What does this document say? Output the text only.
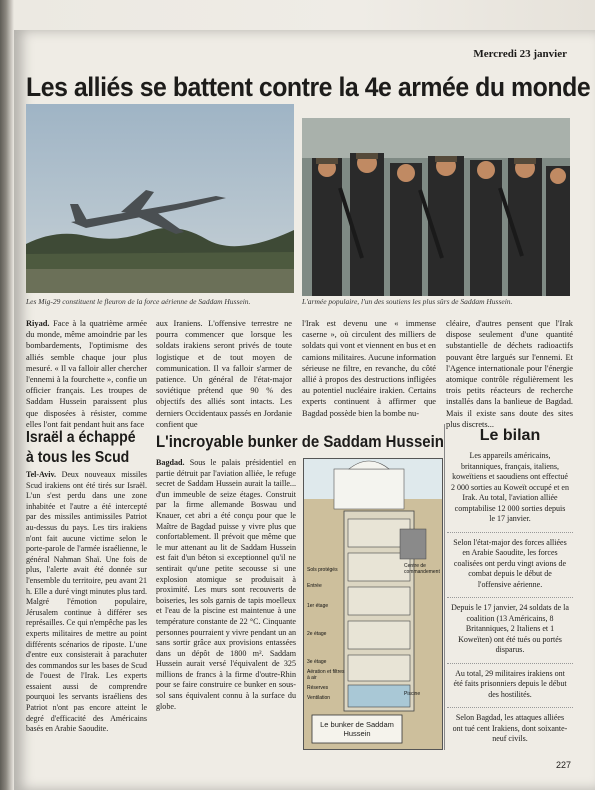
Mercredi 23 janvier
Les alliés se battent contre la 4e armée du monde
Les Mig-29 constituent le fleuron de la force aérienne de Saddam Hussein.	L'armée populaire, l'un des soutiens les plus sûrs de Saddam Hussein.

Riyad. Face à la quatrième armée du monde, même amoindrie par les bombardements, l'optimisme des alliés semble chaque jour plus mesuré. « Il va falloir aller chercher l'ennemi à la fourchette », confie un officier français. Les troupes de Saddam Hussein paraissent plus que disposées à résister, comme elles l'ont fait pendant huit ans face

aux Iraniens. L'offensive terrestre ne pourra commencer que lorsque les soldats irakiens seront privés de toute logistique et de tout moyen de communication. Il va falloir s'armer de patience. Un général de l'état-major soviétique prétend que 90 % des objectifs des alliés sont intacts. Les derniers Occidentaux passés en Jordanie confient que
l'Irak est devenu une « immense caserne », où circulent des milliers de soldats qui vont et viennent en bus et en camions militaires. Aucune information sérieuse ne filtre, en revanche, du côté allié à propos des destructions infligées au potentiel nucléaire irakien. Certains experts continuent à affirmer que Bagdad possède bien la bombe nu-
cléaire, d'autres pensent que l'Irak dispose seulement d'une quantité substantielle de déchets radioactifs pouvant être largués sur l'ennemi. Et l'Agence internationale pour l'énergie atomique contrôle régulièrement les trois petits réacteurs de recherche installés dans la banlieue de Bagdad. Mais il existe sans doute des sites plus discrets...
Israël a échappé à tous les Scud

Tel-Aviv. Deux nouveaux missiles Scud irakiens ont été tirés sur Israël. L'un s'est perdu dans une zone inhabitée et l'autre a été intercepté par des missiles antimissiles Patriot au-dessus du pays. Les tirs irakiens n'ont fait aucune victime selon le porte-parole de l'armée israélienne, le général Nahman Shaï. Une fois de plus, l'alerte avait été donnée sur l'ensemble du territoire, peu avant 21 h. Elle a duré vingt minutes plus tard. Malgré l'émotion populaire, Jérusalem continue à différer ses représailles. Ce qui n'empêche pas les experts militaires de mettre au point différents scénarios de riposte. L'une d'entre eux consisterait à parachuter des commandos sur les bases de Scud de l'ouest de l'Irak. Les experts essaient aussi de comprendre pourquoi les servants israéliens des Patriot n'ont pas encore atteint le degré d'efficacité des Américains basés en Arabie Saoudite.

L'incroyable bunker de Saddam Hussein

Bagdad. Sous le palais présidentiel en partie détruit par l'aviation alliée, le refuge secret de Saddam Hussein aurait la taille... d'un immeuble de seize étages. Construit par la firme allemande Boswau und Knauer, cet abri a été conçu pour que le Maître de Bagdad puisse y vivre plus que confortablement. Il prévoit que même que le mur attenant au lit de Saddam Hussein est fait d'un béton si exceptionnel qu'il ne sentirait qu'une petite secousse si une explosion atomique se produisait à proximité. Les murs sont recouverts de boiseries, les sols garnis de tapis moelleux et l'eau de la piscine est maintenue à une température constante de 22 °C. Cinquante personnes pourraient y vivre pendant un an sans sortir grâce aux provisions entassées dans un dépôt de 1800 m². Saddam Hussein aurait versé l'équivalent de 325 millions de francs à la firme d'outre-Rhin pour se faire construire ce bunker en sous-sol sans équivalent connu à la surface du globe.

Sols protégés
Entrée
Centre de commandement
1er étage
2e étage
3e étage
Aération et filtres à air
Réserves
Ventilation
Piscine
Le bunker de Saddam Hussein
Le bilan
Les appareils américains, britanniques, français, italiens, koweïtiens et saoudiens ont effectué 2 000 sorties au Koweït occupé et en Irak. Au total, l'aviation alliée comptabilise 12 000 sorties depuis le 17 janvier.
Selon l'état-major des forces alliées en Arabie Saoudite, les forces coalisées ont perdu vingt avions de combat depuis le début de l'offensive aérienne.
Depuis le 17 janvier, 24 soldats de la coalition (13 Américains, 8 Britanniques, 2 Italiens et 1 Koweïten) ont été tués ou portés disparus.
Au total, 29 militaires irakiens ont été faits prisonniers depuis le début des hostilités.
Selon Bagdad, les attaques alliées ont tué cent Irakiens, dont soixante-neuf civils.
227
